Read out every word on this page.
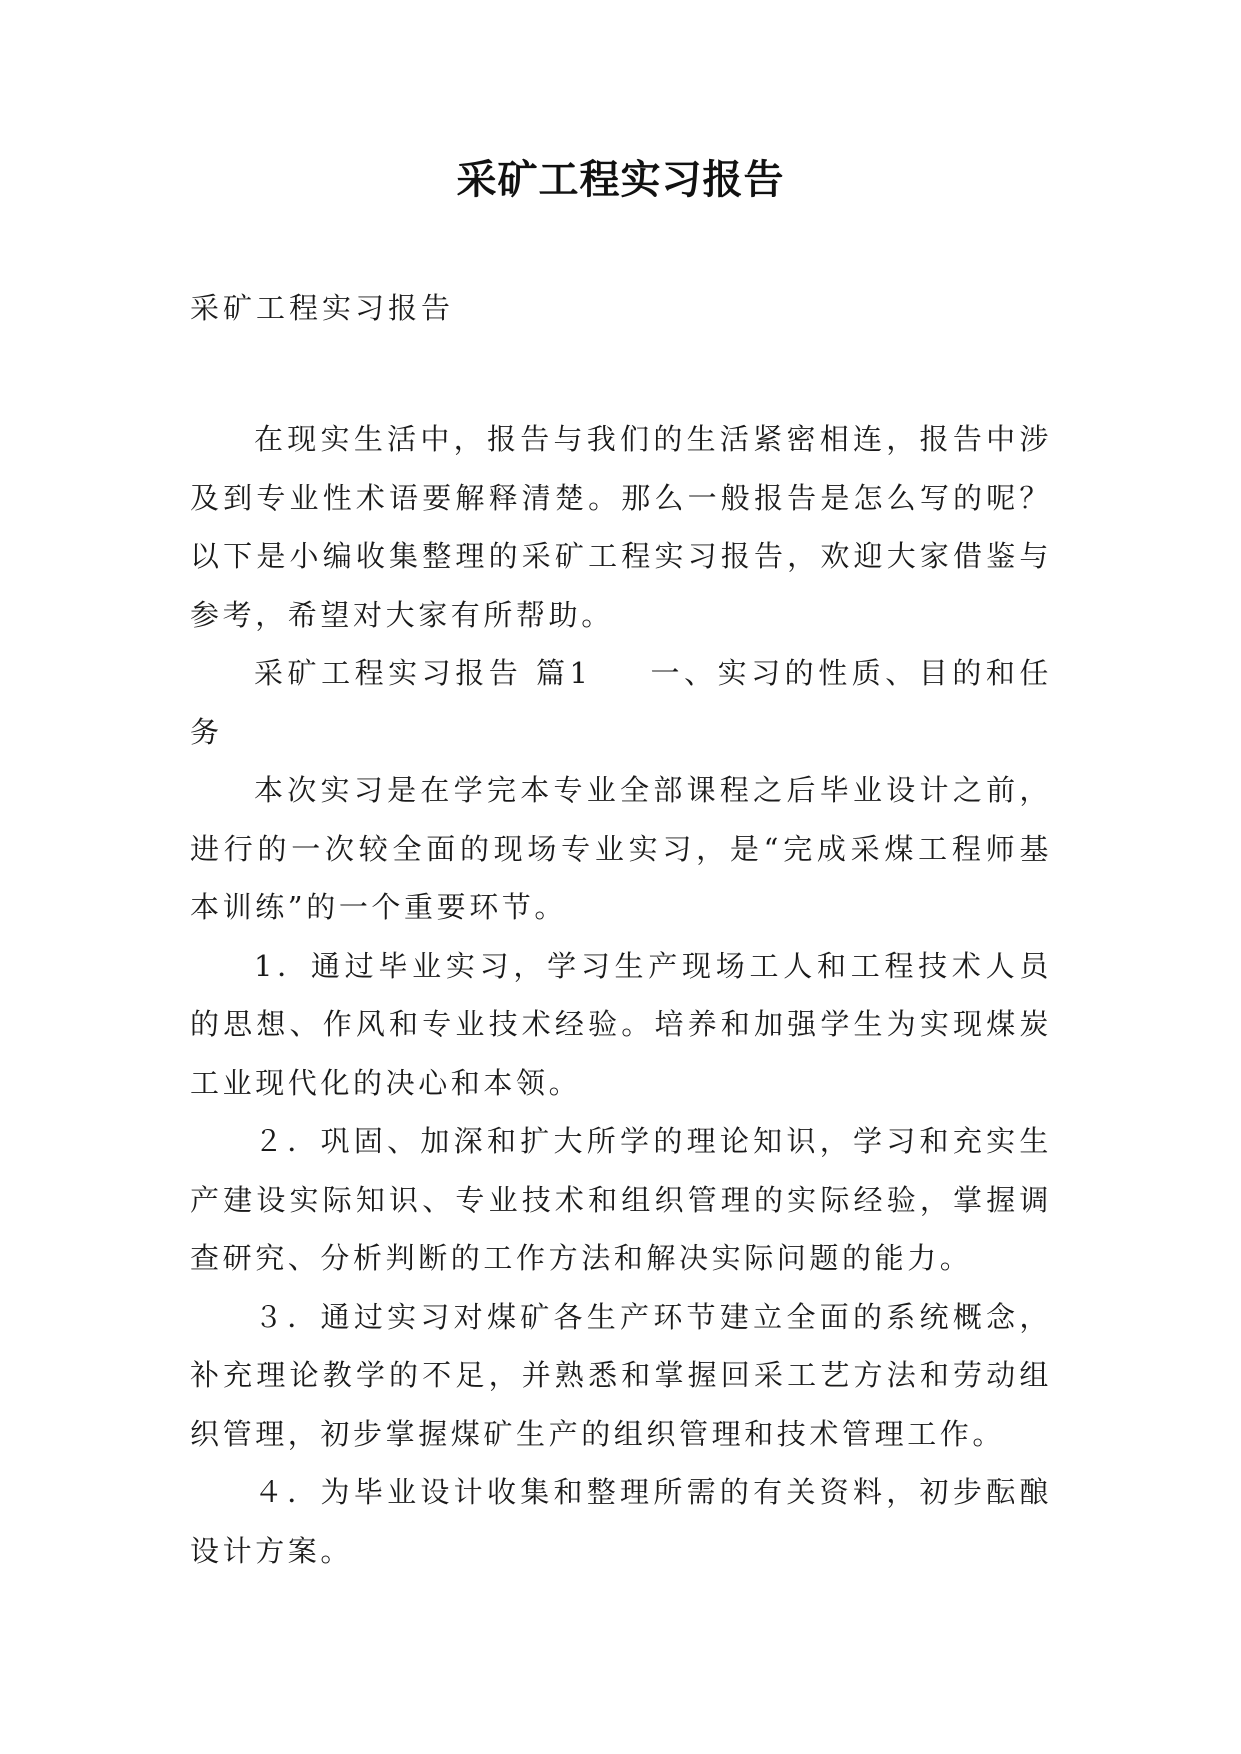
采矿工程实习报告
采矿工程实习报告

在现实生活中，报告与我们的生活紧密相连，报告中涉及到专业性术语要解释清楚。那么一般报告是怎么写的呢？以下是小编收集整理的采矿工程实习报告，欢迎大家借鉴与参考，希望对大家有所帮助。

采矿工程实习报告 篇1 一、实习的性质、目的和任务

本次实习是在学完本专业全部课程之后毕业设计之前，进行的一次较全面的现场专业实习，是“完成采煤工程师基本训练”的一个重要环节。

1．通过毕业实习，学习生产现场工人和工程技术人员的思想、作风和专业技术经验。培养和加强学生为实现煤炭工业现代化的决心和本领。

２．巩固、加深和扩大所学的理论知识，学习和充实生产建设实际知识、专业技术和组织管理的实际经验，掌握调查研究、分析判断的工作方法和解决实际问题的能力。

３．通过实习对煤矿各生产环节建立全面的系统概念，补充理论教学的不足，并熟悉和掌握回采工艺方法和劳动组织管理，初步掌握煤矿生产的组织管理和技术管理工作。

４．为毕业设计收集和整理所需的有关资料，初步酝酿设计方案。
